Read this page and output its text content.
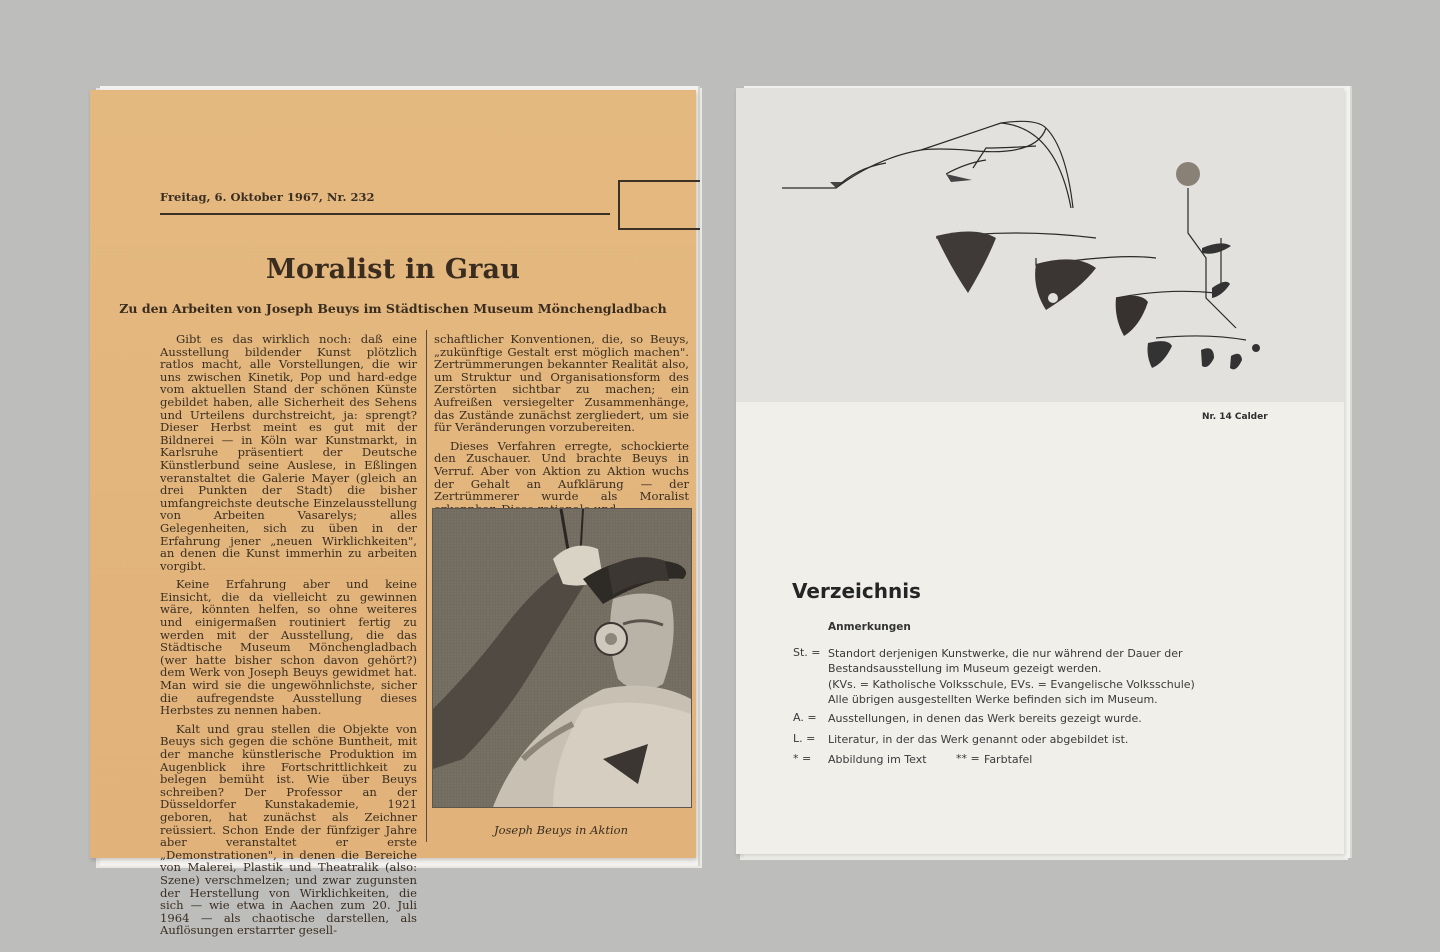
Freitag, 6. Oktober 1967, Nr. 232
Moralist in Grau
Zu den Arbeiten von Joseph Beuys im Städtischen Museum Mönchengladbach

Gibt es das wirklich noch: daß eine Ausstellung bildender Kunst plötzlich ratlos macht, alle Vorstellungen, die wir uns zwischen Kinetik, Pop und hard-edge vom aktuellen Stand der schönen Künste gebildet haben, alle Sicherheit des Sehens und Urteilens durchstreicht, ja: sprengt? Dieser Herbst meint es gut mit der Bildnerei — in Köln war Kunstmarkt, in Karlsruhe präsentiert der Deutsche Künstlerbund seine Auslese, in Eßlingen veranstaltet die Galerie Mayer (gleich an drei Punkten der Stadt) die bisher umfangreichste deutsche Einzelausstellung von Arbeiten Vasarelys; alles Gelegenheiten, sich zu üben in der Erfahrung jener „neuen Wirklichkeiten", an denen die Kunst immerhin zu arbeiten vorgibt.

Keine Erfahrung aber und keine Einsicht, die da vielleicht zu gewinnen wäre, könnten helfen, so ohne weiteres und einigermaßen routiniert fertig zu werden mit der Ausstellung, die das Städtische Museum Mönchengladbach (wer hatte bisher schon davon gehört?) dem Werk von Joseph Beuys gewidmet hat. Man wird sie die ungewöhnlichste, sicher die aufregendste Ausstellung dieses Herbstes zu nennen haben.

Kalt und grau stellen die Objekte von Beuys sich gegen die schöne Buntheit, mit der manche künstlerische Produktion im Augenblick ihre Fortschrittlichkeit zu belegen bemüht ist. Wie über Beuys schreiben? Der Professor an der Düsseldorfer Kunstakademie, 1921 geboren, hat zunächst als Zeichner reüssiert. Schon Ende der fünfziger Jahre aber veranstaltet er erste „Demonstrationen", in denen die Bereiche von Malerei, Plastik und Theatralik (also: Szene) verschmelzen; und zwar zugunsten der Herstellung von Wirklichkeiten, die sich — wie etwa in Aachen zum 20. Juli 1964 — als chaotische darstellen, als Auflösungen erstarrter gesell-

schaftlicher Konventionen, die, so Beuys, „zukünftige Gestalt erst möglich machen". Zertrümmerungen bekannter Realität also, um Struktur und Organisationsform des Zerstörten sichtbar zu machen; ein Aufreißen versiegelter Zusammenhänge, das Zustände zunächst zergliedert, um sie für Veränderungen vorzubereiten.

Dieses Verfahren erregte, schockierte den Zuschauer. Und brachte Beuys in Verruf. Aber von Aktion zu Aktion wuchs der Gehalt an Aufklärung — der Zertrümmerer wurde als Moralist

Joseph Beuys in Aktion
Nr. 14 Calder
Verzeichnis
Anmerkungen
St. = Standort derjenigen Kunstwerke, die nur während der Dauer der
Bestandsausstellung im Museum gezeigt werden.
(KVs. = Katholische Volksschule, EVs. = Evangelische Volksschule)
Alle übrigen ausgestellten Werke befinden sich im Museum.
A. = Ausstellungen, in denen das Werk bereits gezeigt wurde.
L. = Literatur, in der das Werk genannt oder abgebildet ist.
* = Abbildung im Text	** = Farbtafel
